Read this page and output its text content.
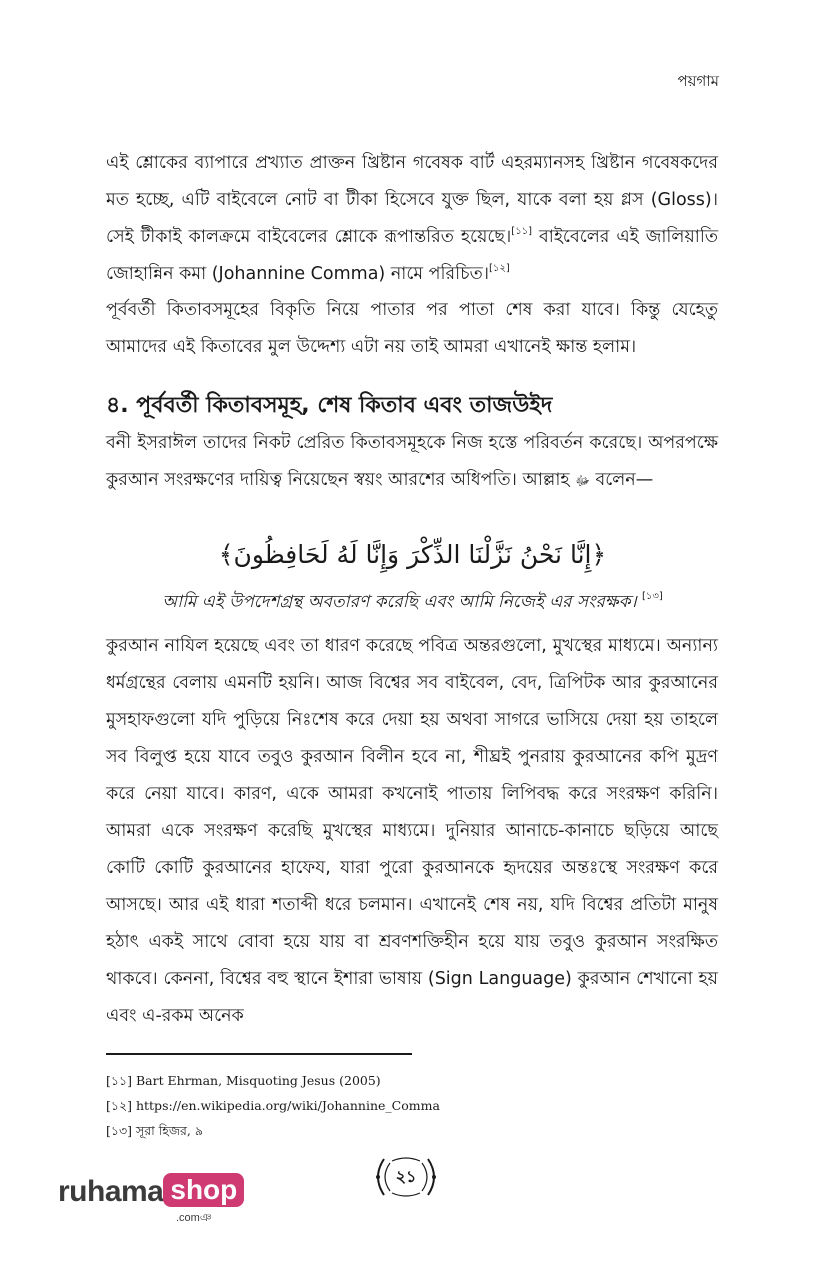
পয়গাম
এই শ্লোকের ব্যাপারে প্রখ্যাত প্রাক্তন খ্রিষ্টান গবেষক বার্ট এহরম্যানসহ খ্রিষ্টান গবেষকদের মত হচ্ছে, এটি বাইবেলে নোট বা টীকা হিসেবে যুক্ত ছিল, যাকে বলা হয় গ্লস (Gloss)। সেই টীকাই কালক্রমে বাইবেলের শ্লোকে রূপান্তরিত হয়েছে।[১১] বাইবেলের এই জালিয়াতি জোহান্নিন কমা (Johannine Comma) নামে পরিচিত।[১২]
পূর্ববর্তী কিতাবসমূহের বিকৃতি নিয়ে পাতার পর পাতা শেষ করা যাবে। কিন্তু যেহেতু আমাদের এই কিতাবের মুল উদ্দেশ্য এটা নয় তাই আমরা এখানেই ক্ষান্ত হলাম।
৪. পূর্ববর্তী কিতাবসমূহ, শেষ কিতাব এবং তাজউইদ
বনী ইসরাঈল তাদের নিকট প্রেরিত কিতাবসমূহকে নিজ হস্তে পরিবর্তন করেছে। অপরপক্ষে কুরআন সংরক্ষণের দায়িত্ব নিয়েছেন স্বয়ং আরশের অধিপতি। আল্লাহ ﷻ বলেন—
﴿إِنَّا نَحْنُ نَزَّلْنَا الذِّكْرَ وَإِنَّا لَهُ لَحَافِظُونَ﴾
আমি এই উপদেশগ্রন্থ অবতারণ করেছি এবং আমি নিজেই এর সংরক্ষক। [১৩]
কুরআন নাযিল হয়েছে এবং তা ধারণ করেছে পবিত্র অন্তরগুলো, মুখস্থের মাধ্যমে। অন্যান্য ধর্মগ্রন্থের বেলায় এমনটি হয়নি। আজ বিশ্বের সব বাইবেল, বেদ, ত্রিপিটক আর কুরআনের মুসহাফগুলো যদি পুড়িয়ে নিঃশেষ করে দেয়া হয় অথবা সাগরে ভাসিয়ে দেয়া হয় তাহলে সব বিলুপ্ত হয়ে যাবে তবুও কুরআন বিলীন হবে না, শীঘ্রই পুনরায় কুরআনের কপি মুদ্রণ করে নেয়া যাবে। কারণ, একে আমরা কখনোই পাতায় লিপিবদ্ধ করে সংরক্ষণ করিনি। আমরা একে সংরক্ষণ করেছি মুখস্থের মাধ্যমে। দুনিয়ার আনাচে-কানাচে ছড়িয়ে আছে কোটি কোটি কুরআনের হাফেয, যারা পুরো কুরআনকে হৃদয়ের অন্তঃস্থে সংরক্ষণ করে আসছে। আর এই ধারা শতাব্দী ধরে চলমান। এখানেই শেষ নয়, যদি বিশ্বের প্রতিটা মানুষ হঠাৎ একই সাথে বোবা হয়ে যায় বা শ্রবণশক্তিহীন হয়ে যায় তবুও কুরআন সংরক্ষিত থাকবে। কেননা, বিশ্বের বহু স্থানে ইশারা ভাষায় (Sign Language) কুরআন শেখানো হয় এবং এ-রকম অনেক
[১১] Bart Ehrman, Misquoting Jesus (2005)
[১২] https://en.wikipedia.org/wiki/Johannine_Comma
[১৩] সূরা হিজর, ৯
২১
ruhama shop
.comঞ
